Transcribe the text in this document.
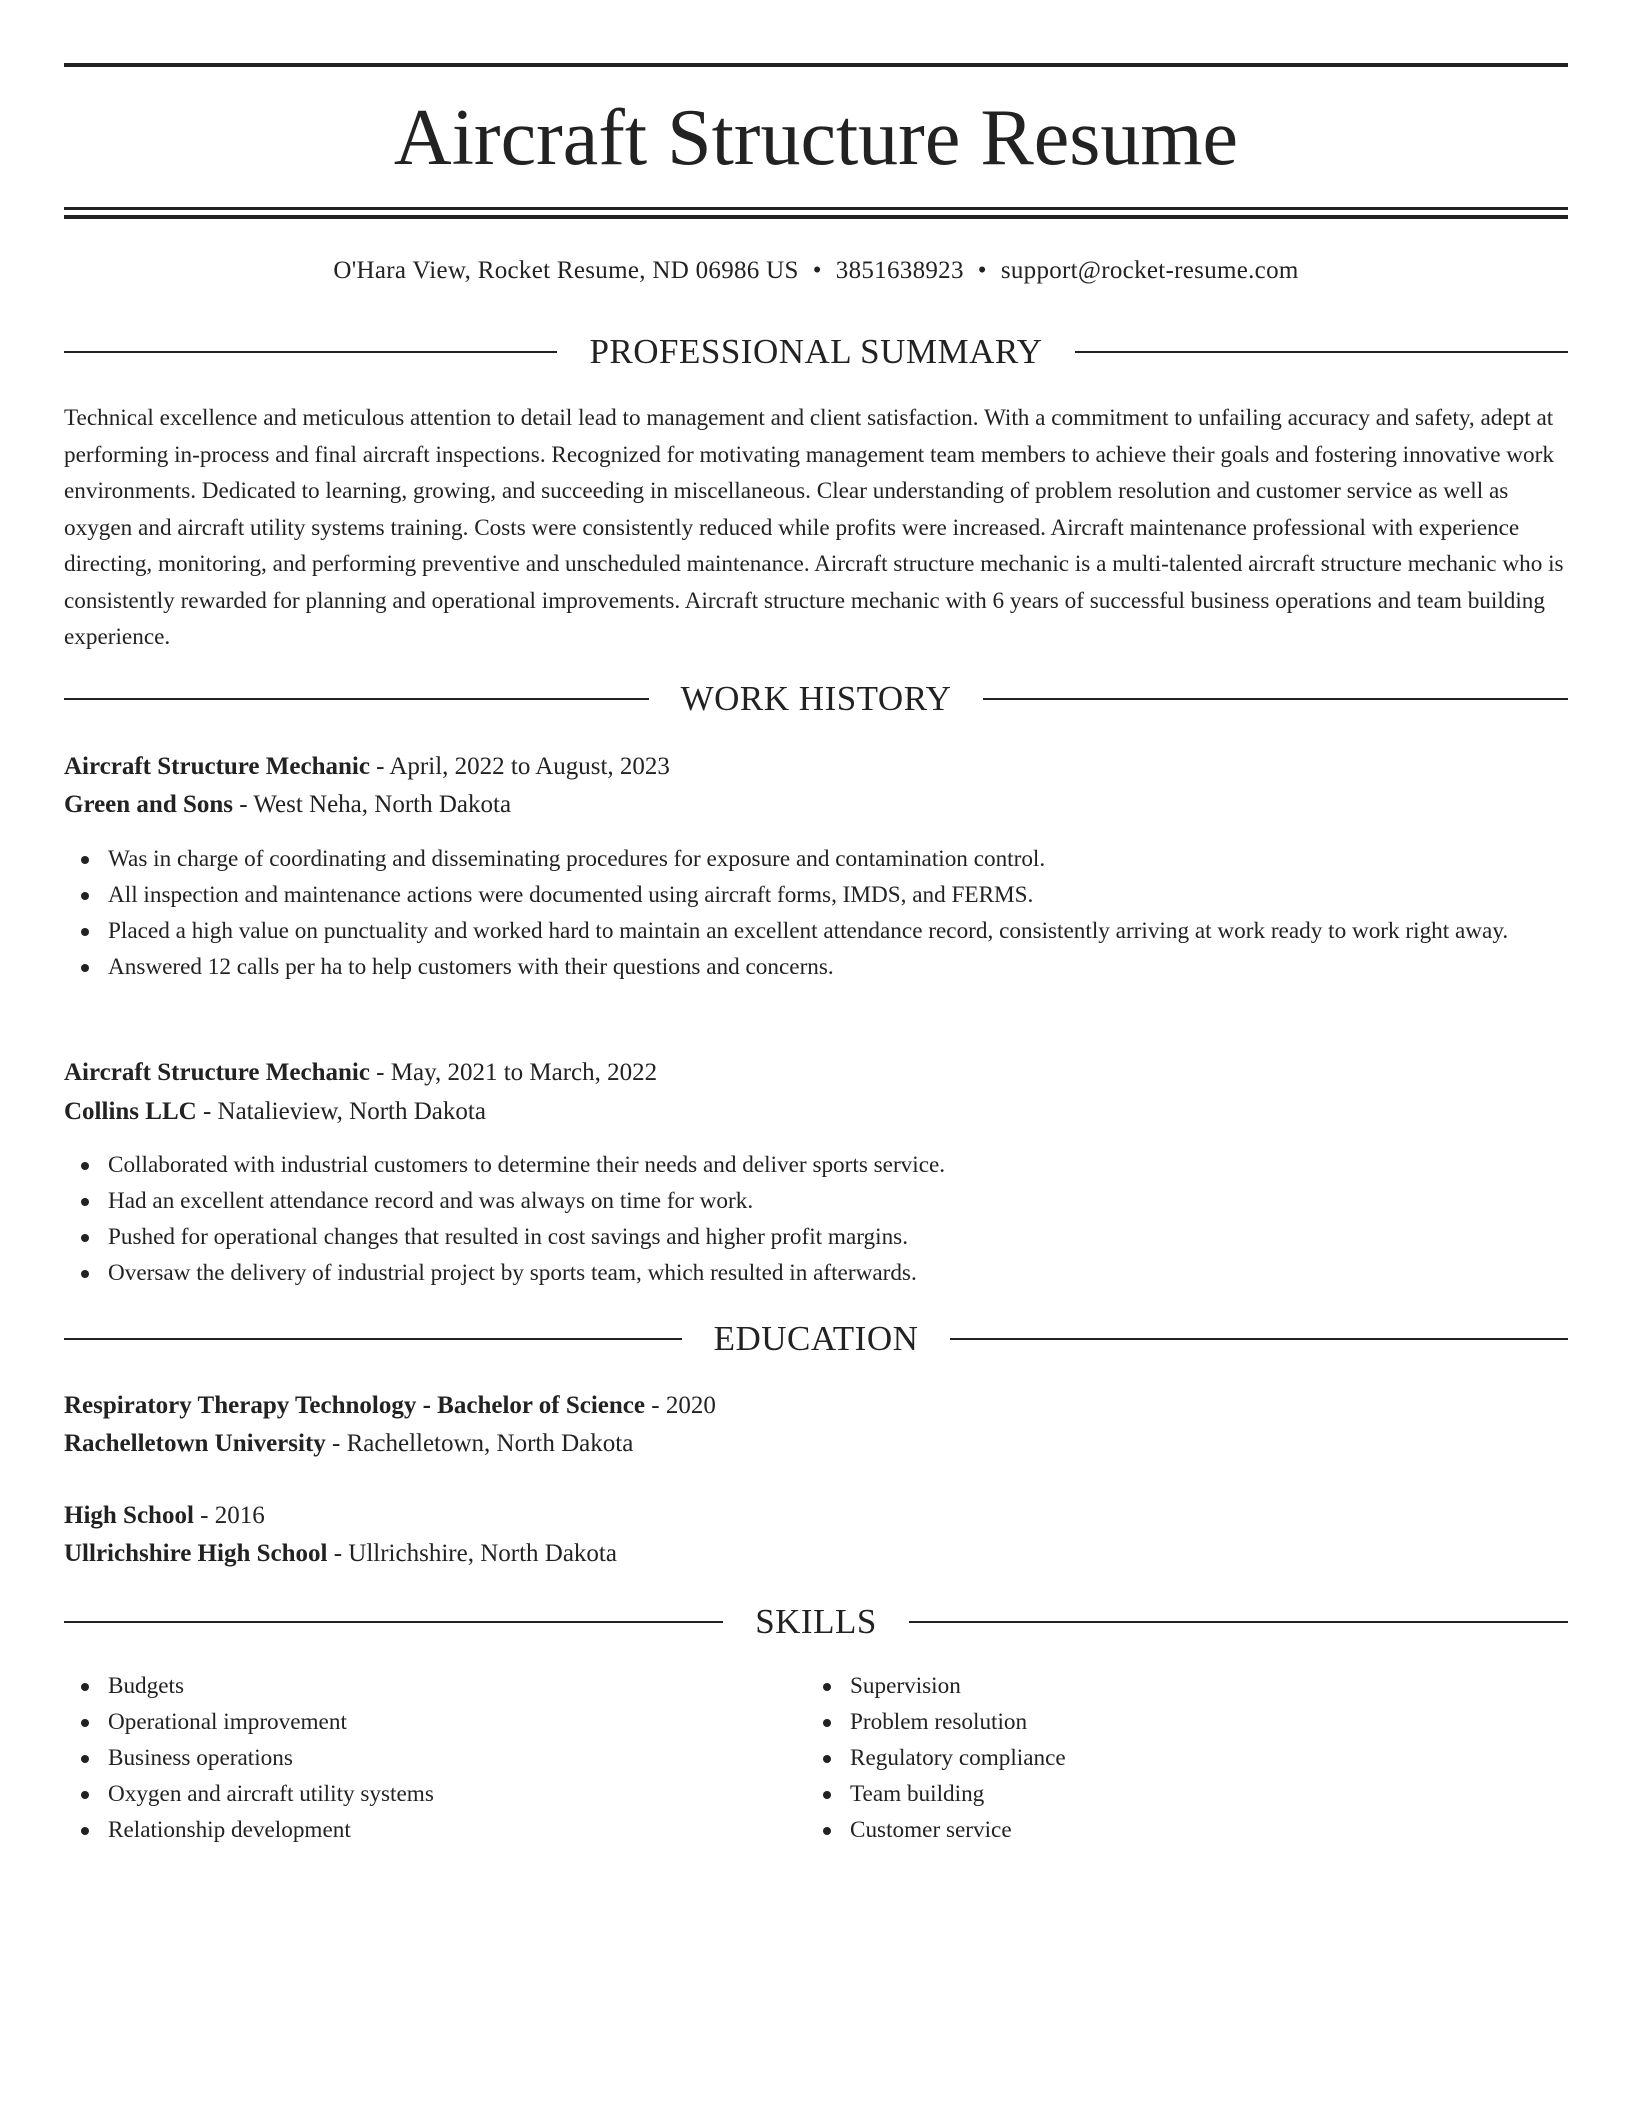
Aircraft Structure Resume
O'Hara View, Rocket Resume, ND 06986 US • 3851638923 • support@rocket-resume.com
PROFESSIONAL SUMMARY

Technical excellence and meticulous attention to detail lead to management and client satisfaction. With a commitment to unfailing accuracy and safety, adept at performing in-process and final aircraft inspections. Recognized for motivating management team members to achieve their goals and fostering innovative work environments. Dedicated to learning, growing, and succeeding in miscellaneous. Clear understanding of problem resolution and customer service as well as oxygen and aircraft utility systems training. Costs were consistently reduced while profits were increased. Aircraft maintenance professional with experience directing, monitoring, and performing preventive and unscheduled maintenance. Aircraft structure mechanic is a multi-talented aircraft structure mechanic who is consistently rewarded for planning and operational improvements. Aircraft structure mechanic with 6 years of successful business operations and team building experience.

WORK HISTORY
Aircraft Structure Mechanic - April, 2022 to August, 2023
Green and Sons - West Neha, North Dakota
Was in charge of coordinating and disseminating procedures for exposure and contamination control.
All inspection and maintenance actions were documented using aircraft forms, IMDS, and FERMS.
Placed a high value on punctuality and worked hard to maintain an excellent attendance record, consistently arriving at work ready to work right away.
Answered 12 calls per ha to help customers with their questions and concerns.
Aircraft Structure Mechanic - May, 2021 to March, 2022
Collins LLC - Natalieview, North Dakota
Collaborated with industrial customers to determine their needs and deliver sports service.
Had an excellent attendance record and was always on time for work.
Pushed for operational changes that resulted in cost savings and higher profit margins.
Oversaw the delivery of industrial project by sports team, which resulted in afterwards.
EDUCATION
Respiratory Therapy Technology - Bachelor of Science - 2020
Rachelletown University - Rachelletown, North Dakota
High School - 2016
Ullrichshire High School - Ullrichshire, North Dakota
SKILLS
Budgets
Operational improvement
Business operations
Oxygen and aircraft utility systems
Relationship development
Supervision
Problem resolution
Regulatory compliance
Team building
Customer service
